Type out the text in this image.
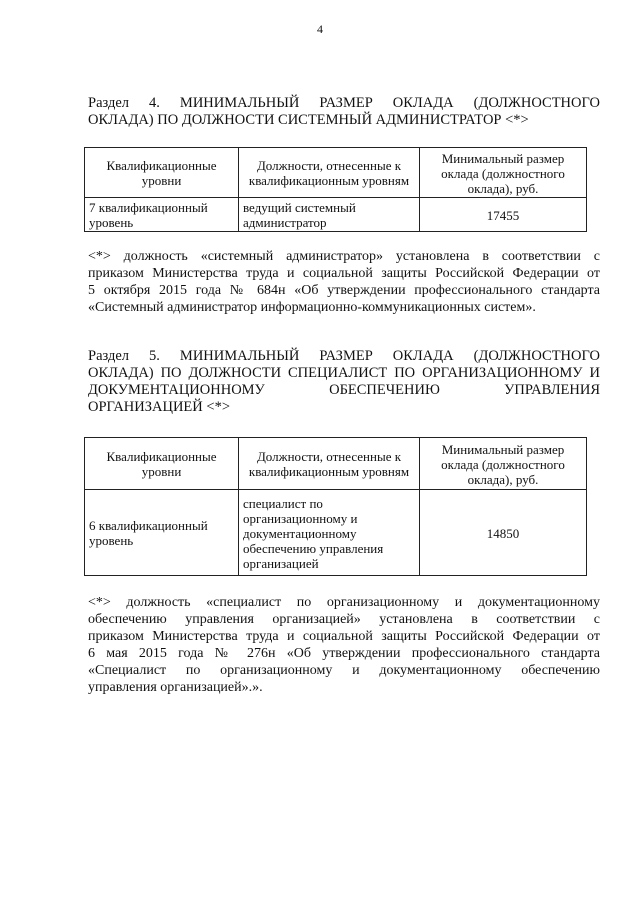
4

Раздел 4. МИНИМАЛЬНЫЙ РАЗМЕР ОКЛАДА (ДОЛЖНОСТНОГО
ОКЛАДА) ПО ДОЛЖНОСТИ СИСТЕМНЫЙ АДМИНИСТРАТОР <*>

Квалификационные уровни	Должности, отнесенные к квалификационным уровням	Минимальный размер оклада (должностного оклада), руб.
7 квалификационный уровень	ведущий системный администратор	17455

<*> должность «системный администратор» установлена в соответствии с
приказом Министерства труда и социальной защиты Российской Федерации от
5 октября 2015 года № 684н «Об утверждении профессионального стандарта
«Системный администратор информационно-коммуникационных систем».

Раздел 5. МИНИМАЛЬНЫЙ РАЗМЕР ОКЛАДА (ДОЛЖНОСТНОГО
ОКЛАДА) ПО ДОЛЖНОСТИ СПЕЦИАЛИСТ ПО ОРГАНИЗАЦИОННОМУ И
ДОКУМЕНТАЦИОННОМУ ОБЕСПЕЧЕНИЮ УПРАВЛЕНИЯ
ОРГАНИЗАЦИЕЙ <*>

Квалификационные уровни	Должности, отнесенные к квалификационным уровням	Минимальный размер оклада (должностного оклада), руб.
6 квалификационный уровень	специалист по организационному и документационному обеспечению управления организацией	14850

<*> должность «специалист по организационному и документационному
обеспечению управления организацией» установлена в соответствии с
приказом Министерства труда и социальной защиты Российской Федерации от
6 мая 2015 года № 276н «Об утверждении профессионального стандарта
«Специалист по организационному и документационному обеспечению
управления организацией».».
